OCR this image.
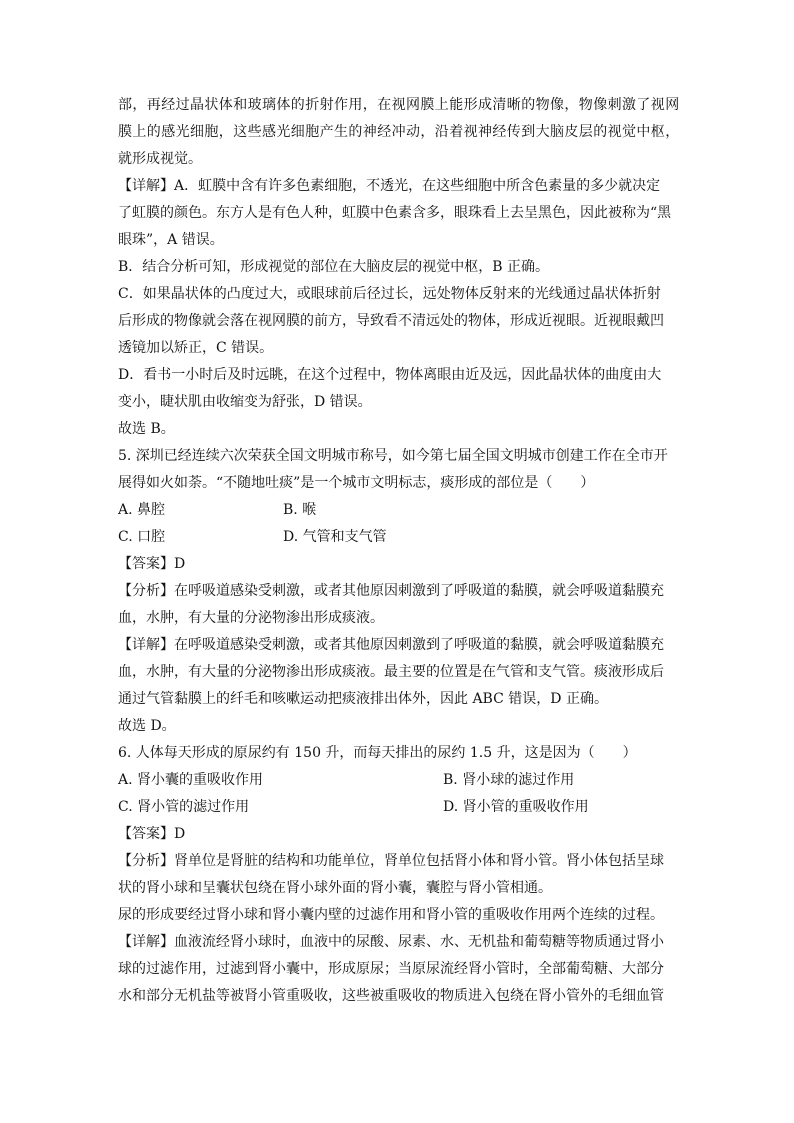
部，再经过晶状体和玻璃体的折射作用，在视网膜上能形成清晰的物像，物像刺激了视网
膜上的感光细胞，这些感光细胞产生的神经冲动，沿着视神经传到大脑皮层的视觉中枢，
就形成视觉。
【详解】A．虹膜中含有许多色素细胞，不透光，在这些细胞中所含色素量的多少就决定
了虹膜的颜色。东方人是有色人种，虹膜中色素含多，眼珠看上去呈黑色，因此被称为“黑
眼珠”，A 错误。
B．结合分析可知，形成视觉的部位在大脑皮层的视觉中枢，B 正确。
C．如果晶状体的凸度过大，或眼球前后径过长，远处物体反射来的光线通过晶状体折射
后形成的物像就会落在视网膜的前方，导致看不清远处的物体，形成近视眼。近视眼戴凹
透镜加以矫正，C 错误。
D．看书一小时后及时远眺，在这个过程中，物体离眼由近及远，因此晶状体的曲度由大
变小，睫状肌由收缩变为舒张，D 错误。
故选 B。
5. 深圳已经连续六次荣获全国文明城市称号，如今第七届全国文明城市创建工作在全市开
展得如火如荼。“不随地吐痰”是一个城市文明标志，痰形成的部位是（　　）
A. 鼻腔	B. 喉
C. 口腔	D. 气管和支气管
【答案】D
【分析】在呼吸道感染受刺激，或者其他原因刺激到了呼吸道的黏膜，就会呼吸道黏膜充
血，水肿，有大量的分泌物渗出形成痰液。
【详解】在呼吸道感染受刺激，或者其他原因刺激到了呼吸道的黏膜，就会呼吸道黏膜充
血，水肿，有大量的分泌物渗出形成痰液。最主要的位置是在气管和支气管。痰液形成后
通过气管黏膜上的纤毛和咳嗽运动把痰液排出体外，因此 ABC 错误，D 正确。
故选 D。
6. 人体每天形成的原尿约有 150 升，而每天排出的尿约 1.5 升，这是因为（　　）
A. 肾小囊的重吸收作用	B. 肾小球的滤过作用
C. 肾小管的滤过作用	D. 肾小管的重吸收作用
【答案】D
【分析】肾单位是肾脏的结构和功能单位，肾单位包括肾小体和肾小管。肾小体包括呈球
状的肾小球和呈囊状包绕在肾小球外面的肾小囊，囊腔与肾小管相通。
尿的形成要经过肾小球和肾小囊内壁的过滤作用和肾小管的重吸收作用两个连续的过程。
【详解】血液流经肾小球时，血液中的尿酸、尿素、水、无机盐和葡萄糖等物质通过肾小
球的过滤作用，过滤到肾小囊中，形成原尿；当原尿流经肾小管时，全部葡萄糖、大部分
水和部分无机盐等被肾小管重吸收，这些被重吸收的物质进入包绕在肾小管外的毛细血管
